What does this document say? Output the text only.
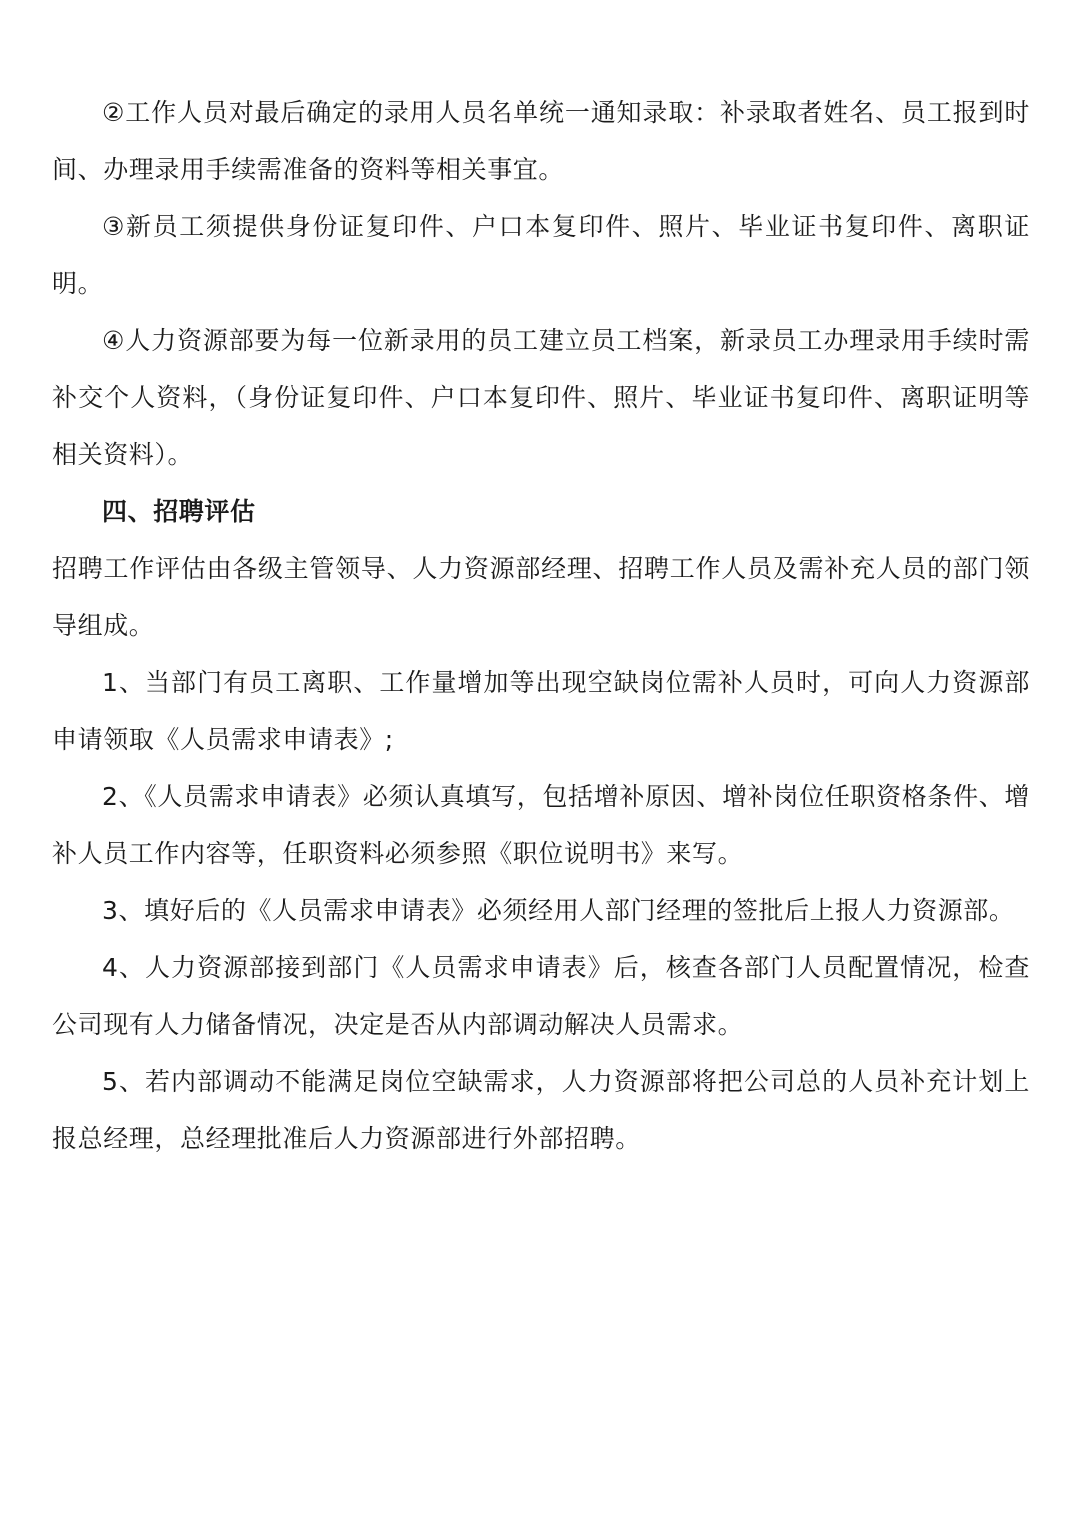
②工作人员对最后确定的录用人员名单统一通知录取：补录取者姓名、员工报到时间、办理录用手续需准备的资料等相关事宜。

③新员工须提供身份证复印件、户口本复印件、照片、毕业证书复印件、离职证明。

④人力资源部要为每一位新录用的员工建立员工档案，新录员工办理录用手续时需补交个人资料，（身份证复印件、户口本复印件、照片、毕业证书复印件、离职证明等相关资料）。

四、招聘评估

招聘工作评估由各级主管领导、人力资源部经理、招聘工作人员及需补充人员的部门领导组成。

1、当部门有员工离职、工作量增加等出现空缺岗位需补人员时，可向人力资源部申请领取《人员需求申请表》;

2、《人员需求申请表》必须认真填写，包括增补原因、增补岗位任职资格条件、增补人员工作内容等，任职资料必须参照《职位说明书》来写。

3、填好后的《人员需求申请表》必须经用人部门经理的签批后上报人力资源部。

4、人力资源部接到部门《人员需求申请表》后，核查各部门人员配置情况，检查公司现有人力储备情况，决定是否从内部调动解决人员需求。

5、若内部调动不能满足岗位空缺需求，人力资源部将把公司总的人员补充计划上报总经理，总经理批准后人力资源部进行外部招聘。
